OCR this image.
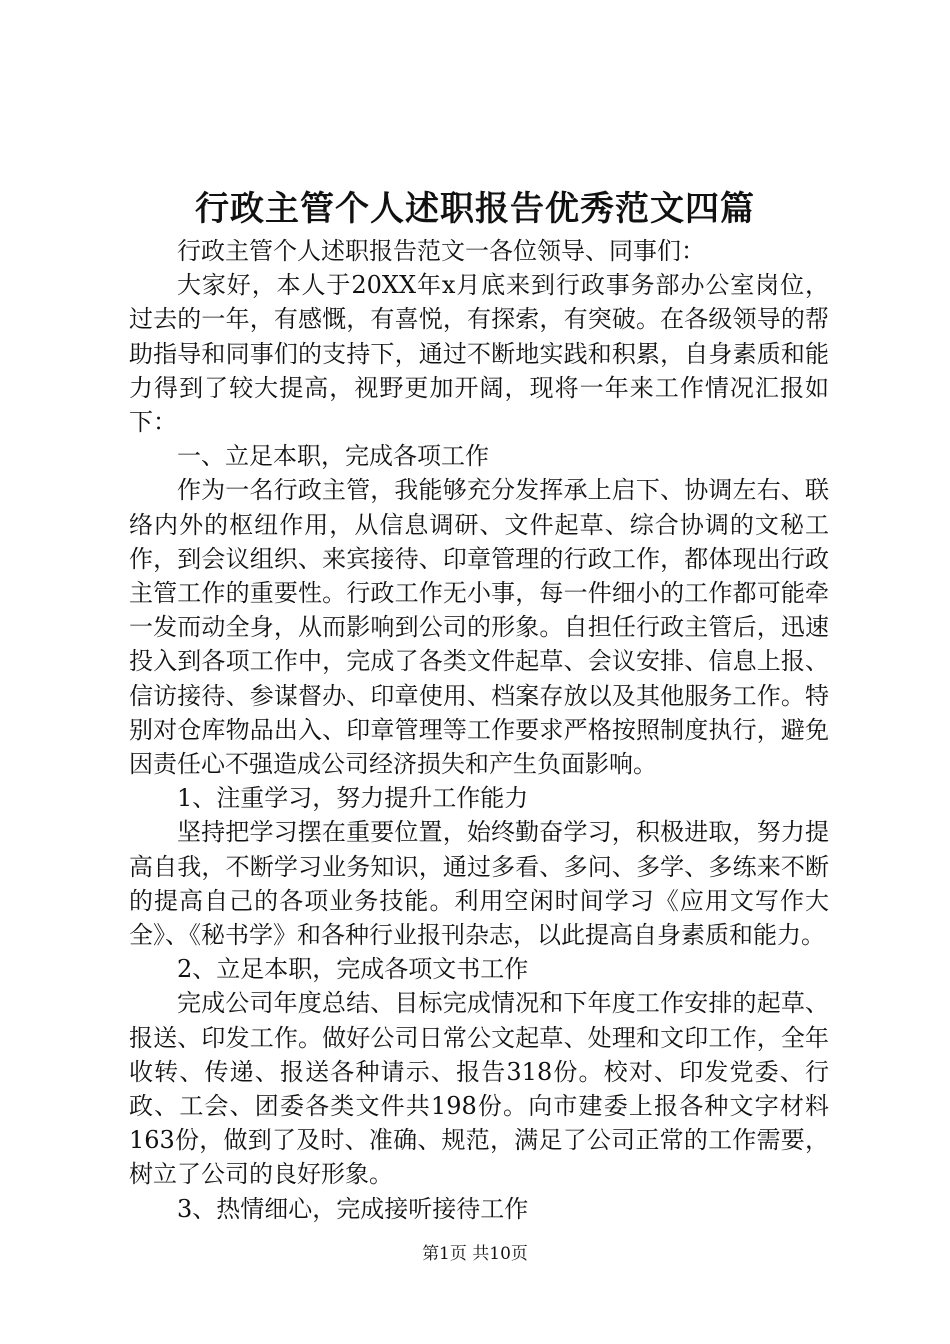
行政主管个人述职报告优秀范文四篇

行政主管个人述职报告范文一各位领导、同事们：

大家好，本人于20XX年x月底来到行政事务部办公室岗位，过去的一年，有感慨，有喜悦，有探索，有突破。在各级领导的帮助指导和同事们的支持下，通过不断地实践和积累，自身素质和能力得到了较大提高，视野更加开阔，现将一年来工作情况汇报如下：

一、立足本职，完成各项工作

作为一名行政主管，我能够充分发挥承上启下、协调左右、联络内外的枢纽作用，从信息调研、文件起草、综合协调的文秘工作，到会议组织、来宾接待、印章管理的行政工作，都体现出行政主管工作的重要性。行政工作无小事，每一件细小的工作都可能牵一发而动全身，从而影响到公司的形象。自担任行政主管后，迅速投入到各项工作中，完成了各类文件起草、会议安排、信息上报、信访接待、参谋督办、印章使用、档案存放以及其他服务工作。特别对仓库物品出入、印章管理等工作要求严格按照制度执行，避免因责任心不强造成公司经济损失和产生负面影响。

1、注重学习，努力提升工作能力

坚持把学习摆在重要位置，始终勤奋学习，积极进取，努力提高自我，不断学习业务知识，通过多看、多问、多学、多练来不断的提高自己的各项业务技能。利用空闲时间学习《应用文写作大全》、《秘书学》和各种行业报刊杂志，以此提高自身素质和能力。

2、立足本职，完成各项文书工作

完成公司年度总结、目标完成情况和下年度工作安排的起草、报送、印发工作。做好公司日常公文起草、处理和文印工作，全年收转、传递、报送各种请示、报告318份。校对、印发党委、行政、工会、团委各类文件共198份。向市建委上报各种文字材料163份，做到了及时、准确、规范，满足了公司正常的工作需要，树立了公司的良好形象。

3、热情细心，完成接听接待工作

第1页 共10页
